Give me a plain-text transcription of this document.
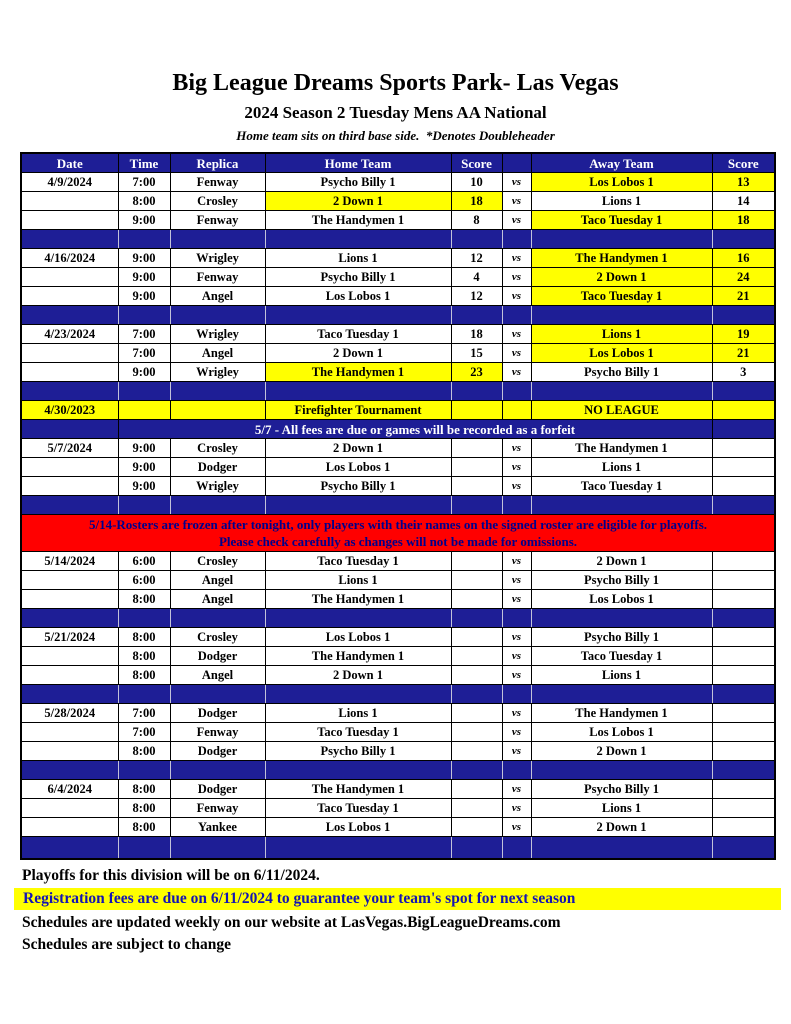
Big League Dreams Sports Park- Las Vegas
2024 Season 2 Tuesday Mens AA National
Home team sits on third base side.  *Denotes Doubleheader
Date	Time	Replica	Home Team	Score		Away Team	Score
4/9/2024	7:00	Fenway	Psycho Billy 1	10	vs	Los Lobos 1	13
	8:00	Crosley	2 Down 1	18	vs	Lions 1	14
	9:00	Fenway	The Handymen 1	8	vs	Taco Tuesday 1	18

4/16/2024	9:00	Wrigley	Lions 1	12	vs	The Handymen 1	16
	9:00	Fenway	Psycho Billy 1	4	vs	2 Down 1	24
	9:00	Angel	Los Lobos 1	12	vs	Taco Tuesday 1	21

4/23/2024	7:00	Wrigley	Taco Tuesday 1	18	vs	Lions 1	19
	7:00	Angel	2 Down 1	15	vs	Los Lobos 1	21
	9:00	Wrigley	The Handymen 1	23	vs	Psycho Billy 1	3

4/30/2023			Firefighter Tournament			NO LEAGUE	
	5/7 - All fees are due or games will be recorded as a forfeit						
5/7/2024	9:00	Crosley	2 Down 1		vs	The Handymen 1	
	9:00	Dodger	Los Lobos 1		vs	Lions 1	
	9:00	Wrigley	Psycho Billy 1		vs	Taco Tuesday 1	

5/14-Rosters are frozen after tonight, only players with their names on the signed roster are eligible for playoffs.
Please check carefully as changes will not be made for omissions.							

5/14/2024	6:00	Crosley	Taco Tuesday 1		vs	2 Down 1	
	6:00	Angel	Lions 1		vs	Psycho Billy 1	
	8:00	Angel	The Handymen 1		vs	Los Lobos 1	

5/21/2024	8:00	Crosley	Los Lobos 1		vs	Psycho Billy 1	
	8:00	Dodger	The Handymen 1		vs	Taco Tuesday 1	
	8:00	Angel	2 Down 1		vs	Lions 1	

5/28/2024	7:00	Dodger	Lions 1		vs	The Handymen 1	
	7:00	Fenway	Taco Tuesday 1		vs	Los Lobos 1	
	8:00	Dodger	Psycho Billy 1		vs	2 Down 1	

6/4/2024	8:00	Dodger	The Handymen 1		vs	Psycho Billy 1	
	8:00	Fenway	Taco Tuesday 1		vs	Lions 1	
	8:00	Yankee	Los Lobos 1		vs	2 Down 1	

Playoffs for this division will be on 6/11/2024.
Registration fees are due on 6/11/2024 to guarantee your team's spot for next season
Schedules are updated weekly on our website at LasVegas.BigLeagueDreams.com
Schedules are subject to change
